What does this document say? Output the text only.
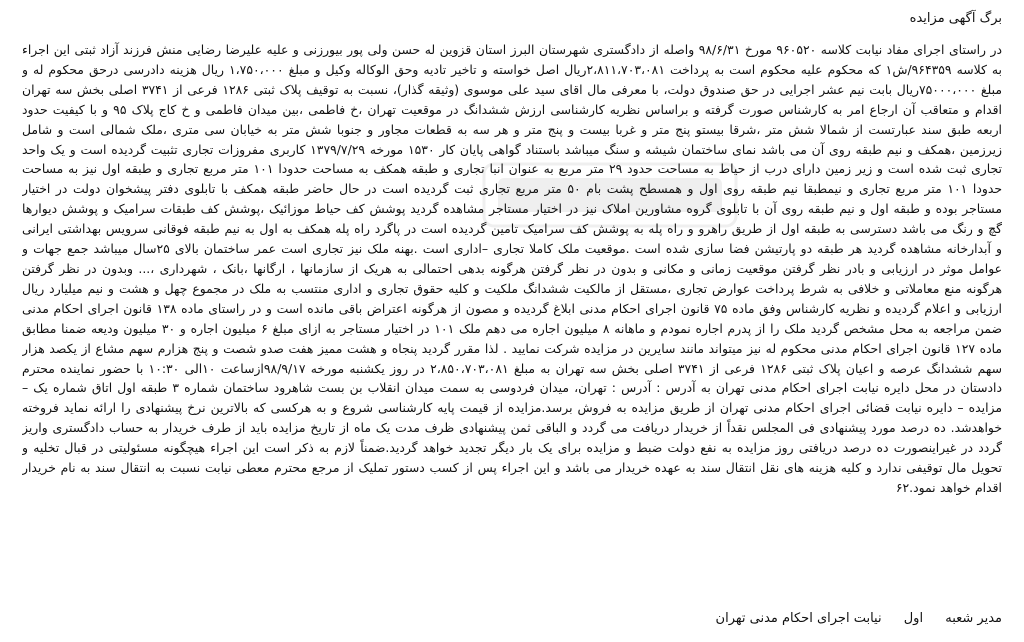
برگ آگهی مزایده

در راستای اجرای مفاد نیابت کلاسه ۹۶۰۵۲۰ مورخ ۹۸/۶/۳۱ واصله از دادگستری شهرستان البرز استان قزوین له حسن ولی پور بیورزنی و علیه علیرضا رضایی منش فرزند آزاد ثبتی این اجراء به کلاسه ۹۶۴۳۵۹/ش۱ که محکوم علیه محکوم است به پرداخت ۲،۸۱۱،۷۰۳،۰۸۱ریال اصل خواسته و تاخیر تادیه وحق الوکاله وکیل و مبلغ ۱،۷۵۰،۰۰۰ ریال هزینه دادرسی درحق محکوم له و مبلغ ۷۵۰۰۰،۰۰۰ریال بابت نیم عشر اجرایی در حق صندوق دولت، با معرفی مال اقای سید علی موسوی (وثیقه گذار)، نسبت به توقیف پلاک ثبتی ۱۲۸۶ فرعی از ۳۷۴۱ اصلی بخش سه تهران اقدام و متعاقب آن ارجاع امر به کارشناس صورت گرفته و براساس نظریه کارشناسی ارزش ششدانگ در موقعیت تهران ،خ فاطمی ،بین میدان فاطمی و خ کاج پلاک ۹۵ و با کیفیت حدود اربعه طبق سند عبارتست از شمالا شش متر ،شرقا بیستو پنج متر و غربا بیست و پنج متر و هر سه به قطعات مجاور و جنوبا شش متر به خیابان سی متری ،ملک شمالی است و شامل زیرزمین ،همکف و نیم طبقه روی آن می باشد نمای ساختمان شیشه و سنگ میباشد باستناد گواهی پایان کار ۱۵۳۰ مورخه ۱۳۷۹/۷/۲۹ کاربری مفروزات تجاری تثبیت گردیده است و یک واحد تجاری ثبت شده است و زیر زمین دارای درب از حیاط به مساحت حدود ۲۹ متر مربع به عنوان انبا تجاری و طبقه همکف به مساحت حدودا ۱۰۱ متر مربع تجاری و طبقه اول نیز به مساحت حدودا ۱۰۱ متر مربع تجاری و نیمطبقا نیم طبقه روی اول و همسطح پشت بام ۵۰ متر مربع تجاری ثبت گردیده است در حال حاضر طبقه همکف با تابلوی دفتر پیشخوان دولت در اختیار مستاجر بوده و طبقه اول و نیم طبقه روی آن با تابلوی گروه مشاورین املاک نیز در اختیار مستاجر مشاهده گردید پوشش کف حیاط موزائیک ،پوشش کف طبقات سرامیک و پوشش دیوارها گچ و رنگ می باشد دسترسی به طبقه اول از طریق راهرو و راه پله به پوشش کف سرامیک تامین گردیده است در پاگرد راه پله همکف به اول به نیم طبقه فوقانی سرویس بهداشتی ایرانی و آبدارخانه مشاهده گردید هر طبقه دو پارتیشن فضا سازی شده است .موقعیت ملک کاملا تجاری –اداری است .بهنه ملک نیز تجاری است عمر ساختمان بالای ۲۵سال میباشد جمع جهات و عوامل موثر در ارزیابی و بادر نظر گرفتن موقعیت زمانی و مکانی و بدون در نظر گرفتن هرگونه بدهی احتمالی به هریک از سازمانها ، ارگانها ،بانک ، شهرداری ،... وبدون در نظر گرفتن هرگونه منع معاملاتی و خلافی به شرط پرداخت عوارض تجاری ،مستقل از مالکیت ششدانگ ملکیت و کلیه حقوق تجاری و اداری منتسب به ملک در مجموع چهل و هشت و نیم میلیارد ریال ارزیابی و اعلام گردیده و نظریه کارشناس وفق ماده ۷۵ قانون اجرای احکام مدنی ابلاغ گردیده و مصون از هرگونه اعتراض باقی مانده است و در راستای ماده ۱۳۸ قانون اجرای احکام مدنی ضمن مراجعه به محل مشخص گردید ملک را از پدرم اجاره نمودم و ماهانه ۸ میلیون اجاره می دهم ملک ۱۰۱ در اختیار مستاجر به ازای مبلغ ۶ میلیون اجاره و ۳۰ میلیون ودیعه ضمنا مطابق ماده ۱۲۷ قانون اجرای احکام مدنی محکوم له نیز میتواند مانند سایرین در مزایده شرکت نمایید . لذا مقرر گردید پنجاه و هشت ممیز هفت صدو شصت و پنج هزارم سهم مشاع از یکصد هزار سهم ششدانگ عرصه و اعیان پلاک ثبتی ۱۲۸۶ فرعی از ۳۷۴۱ اصلی بخش سه تهران به مبلغ ۲،۸۵۰،۷۰۳،۰۸۱ در روز یکشنبه مورخه ۹۸/۹/۱۷ازساعت ۱۰الی ۱۰:۳۰ با حضور نماینده محترم دادستان در محل دایره نیابت اجرای احکام مدنی تهران به آدرس : آدرس : تهران، میدان فردوسی به سمت میدان انقلاب بن بست شاهرود ساختمان شماره ۳ طبقه اول اتاق شماره یک –مزایده – دایره نیابت قضائی اجرای احکام مدنی تهران از طریق مزایده به فروش برسد.مزایده از قیمت پایه کارشناسی شروع و به هرکسی که بالاترین نرخ پیشنهادی را ارائه نماید فروخته خواهدشد. ده درصد مورد پیشنهادی فی المجلس نقداً از خریدار دریافت می گردد و الباقی ثمن پیشنهادی ظرف مدت یک ماه از تاریخ مزایده باید از طرف خریدار به حساب دادگستری واریز گردد در غیراینصورت ده درصد دریافتی روز مزایده به نفع دولت ضبط و مزایده برای یک بار دیگر تجدید خواهد گردید.ضمناً لازم به ذکر است این اجراء هیچگونه مسئولیتی در قبال تخلیه و تحویل مال توقیفی ندارد و کلیه هزینه های نقل انتقال سند به عهده خریدار می باشد و این اجراء پس از کسب دستور تملیک از مرجع محترم معطی نیابت نسبت به انتقال سند به نام خریدار اقدام خواهد نمود.۶۲

مدیر شعبه اول نیابت اجرای احکام مدنی تهران
